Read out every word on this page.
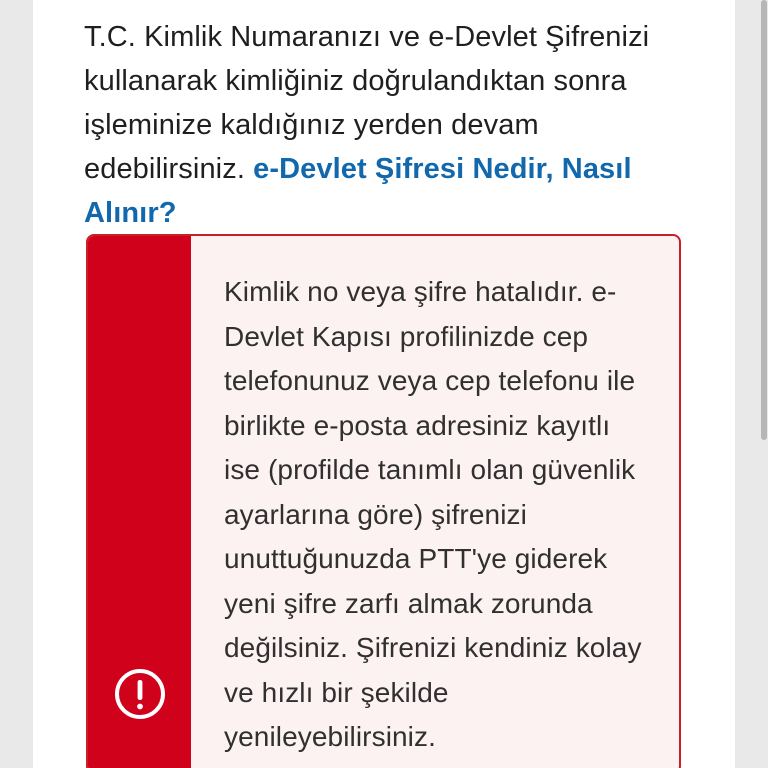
T.C. Kimlik Numaranızı ve e-Devlet Şifrenizi kullanarak kimliğiniz doğrulandıktan sonra işleminize kaldığınız yerden devam edebilirsiniz. e-Devlet Şifresi Nedir, Nasıl Alınır?

Kimlik no veya şifre hatalıdır. e-Devlet Kapısı profilinizde cep telefonunuz veya cep telefonu ile birlikte e-posta adresiniz kayıtlı ise (profilde tanımlı olan güvenlik ayarlarına göre) şifrenizi unuttuğunuzda PTT'ye giderek yeni şifre zarfı almak zorunda değilsiniz. Şifrenizi kendiniz kolay ve hızlı bir şekilde yenileyebilirsiniz.
